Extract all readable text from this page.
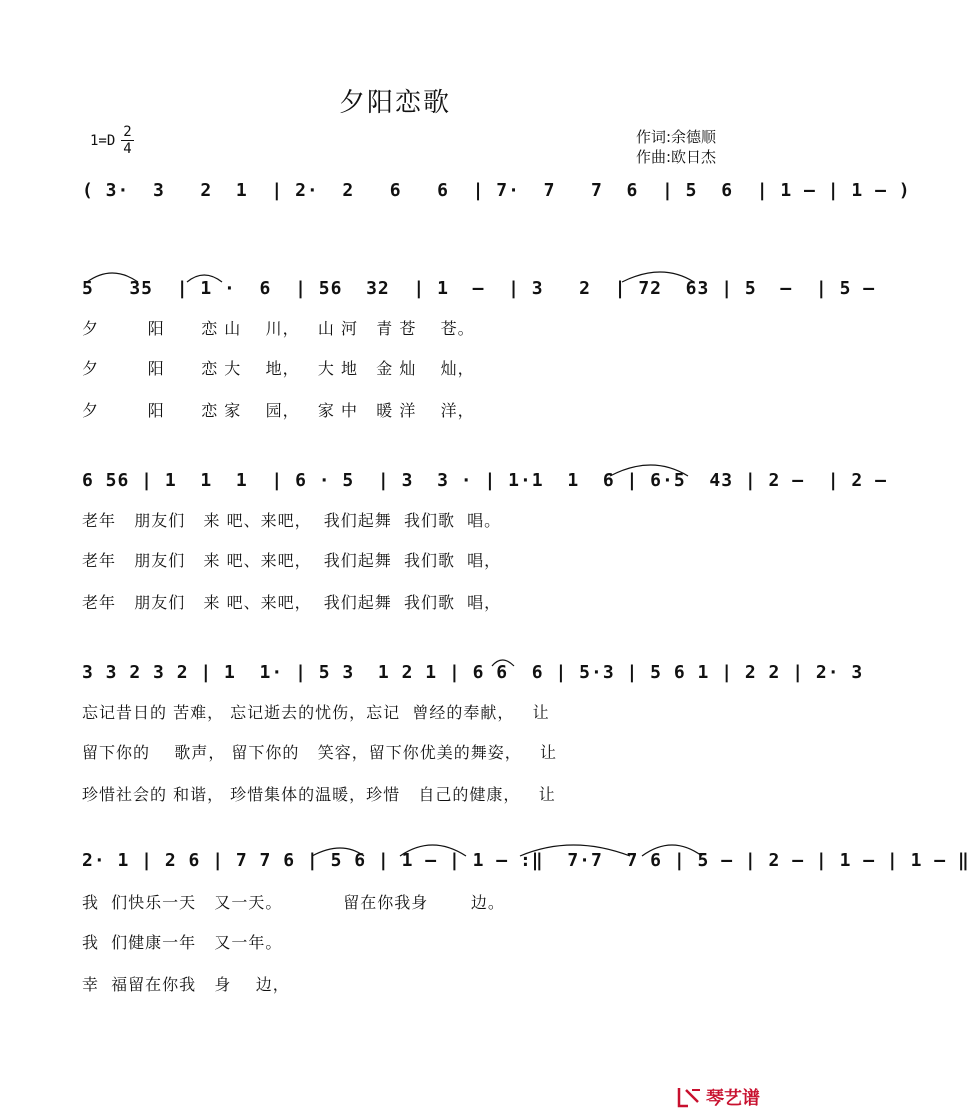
夕阳恋歌
$1=D \frac{2}{4}$	作词:余德顺
作曲:欧日杰
( 3·  3   2  1  | 2·  2   6   6  | 7·  7   7  6  | 5  6  | 1 – | 1 – )
5   35  | 1 ·  6  | 56  32  | 1  –  | 3   2  | 72  63 | 5  –  | 5 –
夕        阳      恋 山    川，   山 河   青 苍    苍。
夕        阳      恋 大    地，   大 地   金 灿    灿，
夕        阳      恋 家    园，   家 中   暖 洋    洋，
6 56 | 1  1  1  | 6 · 5  | 3  3 · | 1·1  1  6 | 6·5  43 | 2 –  | 2 –
老年   朋友们   来 吧、来吧，  我们起舞  我们歌  唱。
老年   朋友们   来 吧、来吧，  我们起舞  我们歌  唱，
老年   朋友们   来 吧、来吧，  我们起舞  我们歌  唱，
3 3 2 3 2 | 1  1· | 5 3  1 2 1 | 6 6  6 | 5·3 | 5 6 1 | 2 2 | 2· 3
忘记昔日的 苦难， 忘记逝去的忧伤，忘记  曾经的奉献，   让
留下你的    歌声， 留下你的   笑容，留下你优美的舞姿，   让
珍惜社会的 和谐， 珍惜集体的温暖，珍惜   自己的健康，   让
2· 1 | 2 6 | 7 7 6 | 5 6 | 1 – | 1 – :‖  7·7  7 6 | 5 – | 2 – | 1 – | 1 – ‖
我  们快乐一天   又一天。          留在你我身       边。
我  们健康一年   又一年。
幸  福留在你我   身    边，
琴艺谱
